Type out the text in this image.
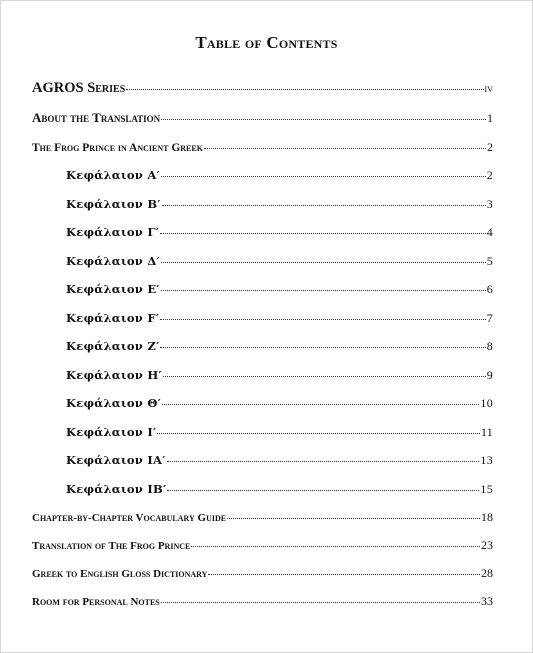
Table of Contents
AGROS Series	iv
About the Translation	1
The Frog Prince in Ancient Greek	2
Κεφάλαιον Α′	2
Κεφάλαιον Β′	3
Κεφάλαιον Γ′	4
Κεφάλαιον Δ′	5
Κεφάλαιον Ε′	6
Κεφάλαιον F′	7
Κεφάλαιον Ζ′	8
Κεφάλαιον Η′	9
Κεφάλαιον Θ′	10
Κεφάλαιον Ι′	11
Κεφάλαιον ΙΑ′	13
Κεφάλαιον ΙΒ′	15
Chapter-by-Chapter Vocabulary Guide	18
Translation of The Frog Prince	23
Greek to English Gloss Dictionary	28
Room for Personal Notes	33
